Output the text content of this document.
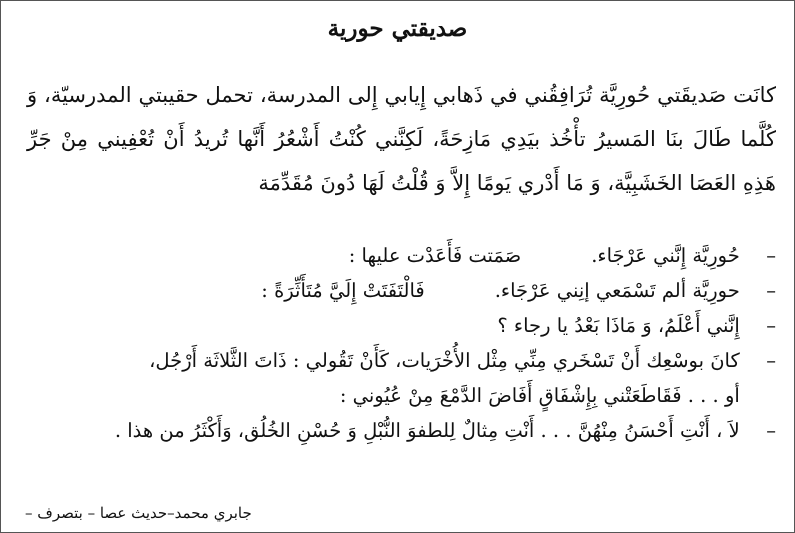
صديقتي حورية

كانَت صَديقَتي حُورِيَّة تُرَافِقُني في ذَهابي إِيابي إِلى المدرسة، تحمل حقيبتي المدرسيّة، وَ كُلَّما طَالَ بنَا المَسيرُ تأْخُذ بيَدِي مَازِحَةً، لَكِنَّني كُنْتُ أَشْعُرُ أَنَّها تُريدُ أَنْ تُعْفِيني مِنْ جَرِّ هَذِهِ العَصَا الخَشَبِيَّة، وَ مَا أَدْري يَومًا إِلاَّ وَ قُلْتُ لَهَا دُونَ مُقَدِّمَة

– حُورِيَّة إِنَّني عَرْجَاء.صَمَتت فَأَعَدْت عليها :

– حورِيَّة ألم تَسْمَعي إنِني عَرْجَاء.فَالْتَفَتَتْ إِلَيَّ مُتَأَثِّرَةً :

– إِنَّني أَعْلَمُ، وَ مَاذَا بَعْدُ يا رجاء ؟

– كانَ بوسْعِك أَنْ تَسْخَري مِنِّي مِثْل الأُخْرَيات، كَأَنْ تَقُولي : ذَاتَ الثَّلاثَة أَرْجُل،

أو . . . فَقَاطَعَتْني بِإِشْفَاقٍ أَفَاضَ الدَّمْعَ مِنْ عُيُوني :

– لاَ ، أَنْتِ أَحْسَنُ مِنْهُنَّ . . . أَنْتِ مِثالٌ لِلطفوَ النُّبْلِ وَ حُسْنِ الخُلُق، وَأَكْثَرُ من هذا .

جابري محمد–حديث عصا – بتصرف –
